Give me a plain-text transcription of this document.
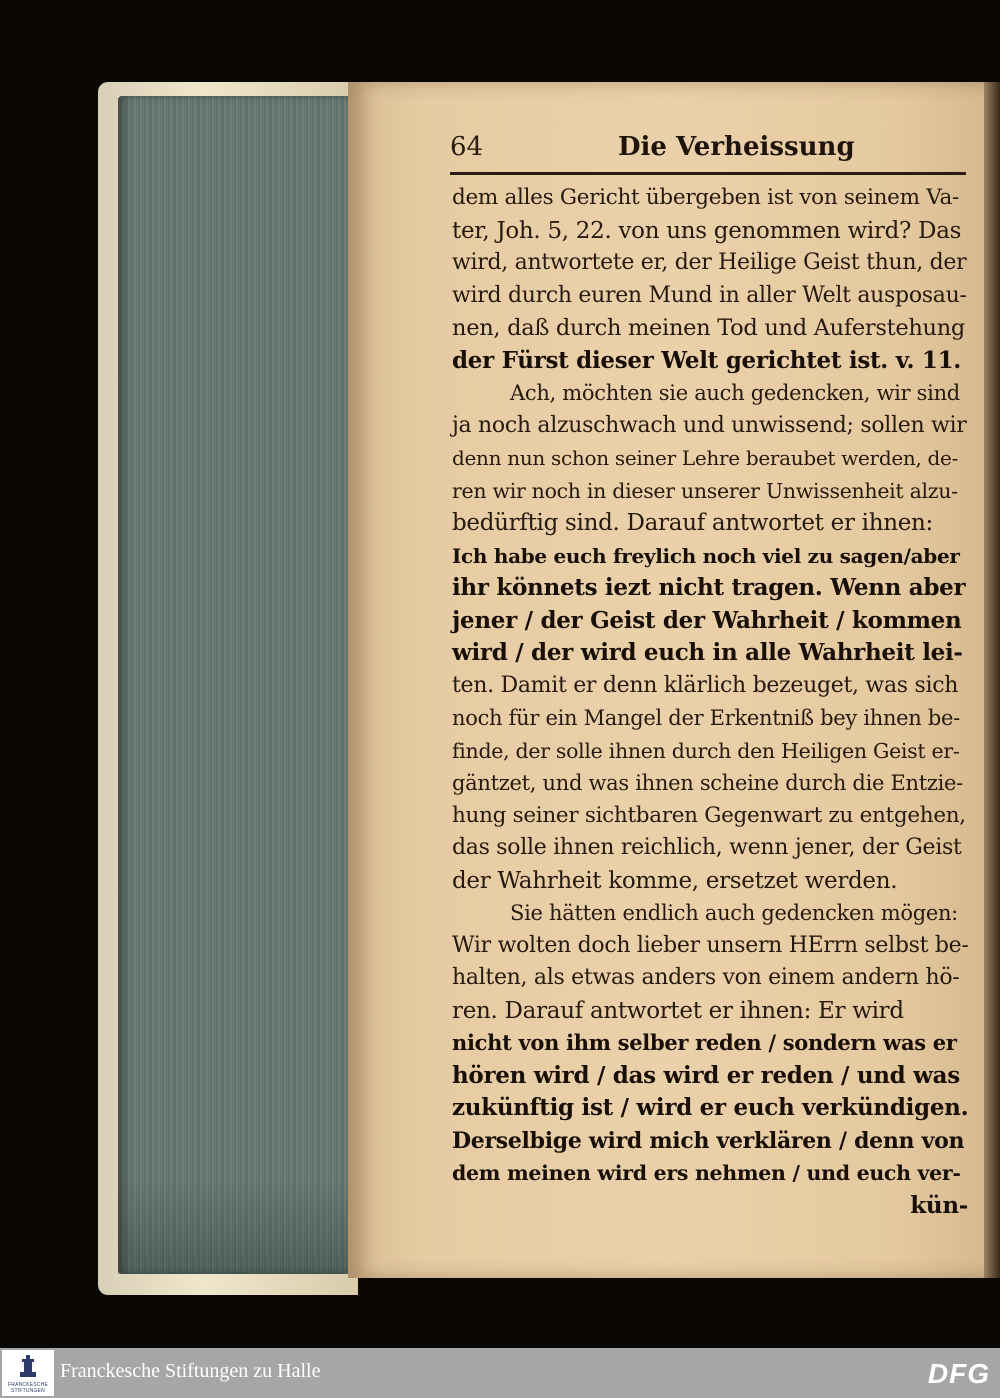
64	Die Verheissung
dem alles Gericht übergeben ist von seinem Va-
ter, Joh. 5, 22. von uns genommen wird? Das
wird, antwortete er, der Heilige Geist thun, der
wird durch euren Mund in aller Welt ausposau-
nen, daß durch meinen Tod und Auferstehung
der Fürst dieser Welt gerichtet ist. v. 11.
Ach, möchten sie auch gedencken, wir sind
ja noch alzuschwach und unwissend; sollen wir
denn nun schon seiner Lehre beraubet werden, de-
ren wir noch in dieser unserer Unwissenheit alzu-
bedürftig sind. Darauf antwortet er ihnen:
Ich habe euch freylich noch viel zu sagen/aber
ihr könnets iezt nicht tragen. Wenn aber
jener / der Geist der Wahrheit / kommen
wird / der wird euch in alle Wahrheit lei-
ten. Damit er denn klärlich bezeuget, was sich
noch für ein Mangel der Erkentniß bey ihnen be-
finde, der solle ihnen durch den Heiligen Geist er-
gäntzet, und was ihnen scheine durch die Entzie-
hung seiner sichtbaren Gegenwart zu entgehen,
das solle ihnen reichlich, wenn jener, der Geist
der Wahrheit komme, ersetzet werden.
Sie hätten endlich auch gedencken mögen:
Wir wolten doch lieber unsern HErrn selbst be-
halten, als etwas anders von einem andern hö-
ren. Darauf antwortet er ihnen: Er wird
nicht von ihm selber reden / sondern was er
hören wird / das wird er reden / und was
zukünftig ist / wird er euch verkündigen.
Derselbige wird mich verklären / denn von
dem meinen wird ers nehmen / und euch ver-
kün-
FRANCKESCHE
STIFTUNGEN
Franckesche Stiftungen zu Halle	DFG
